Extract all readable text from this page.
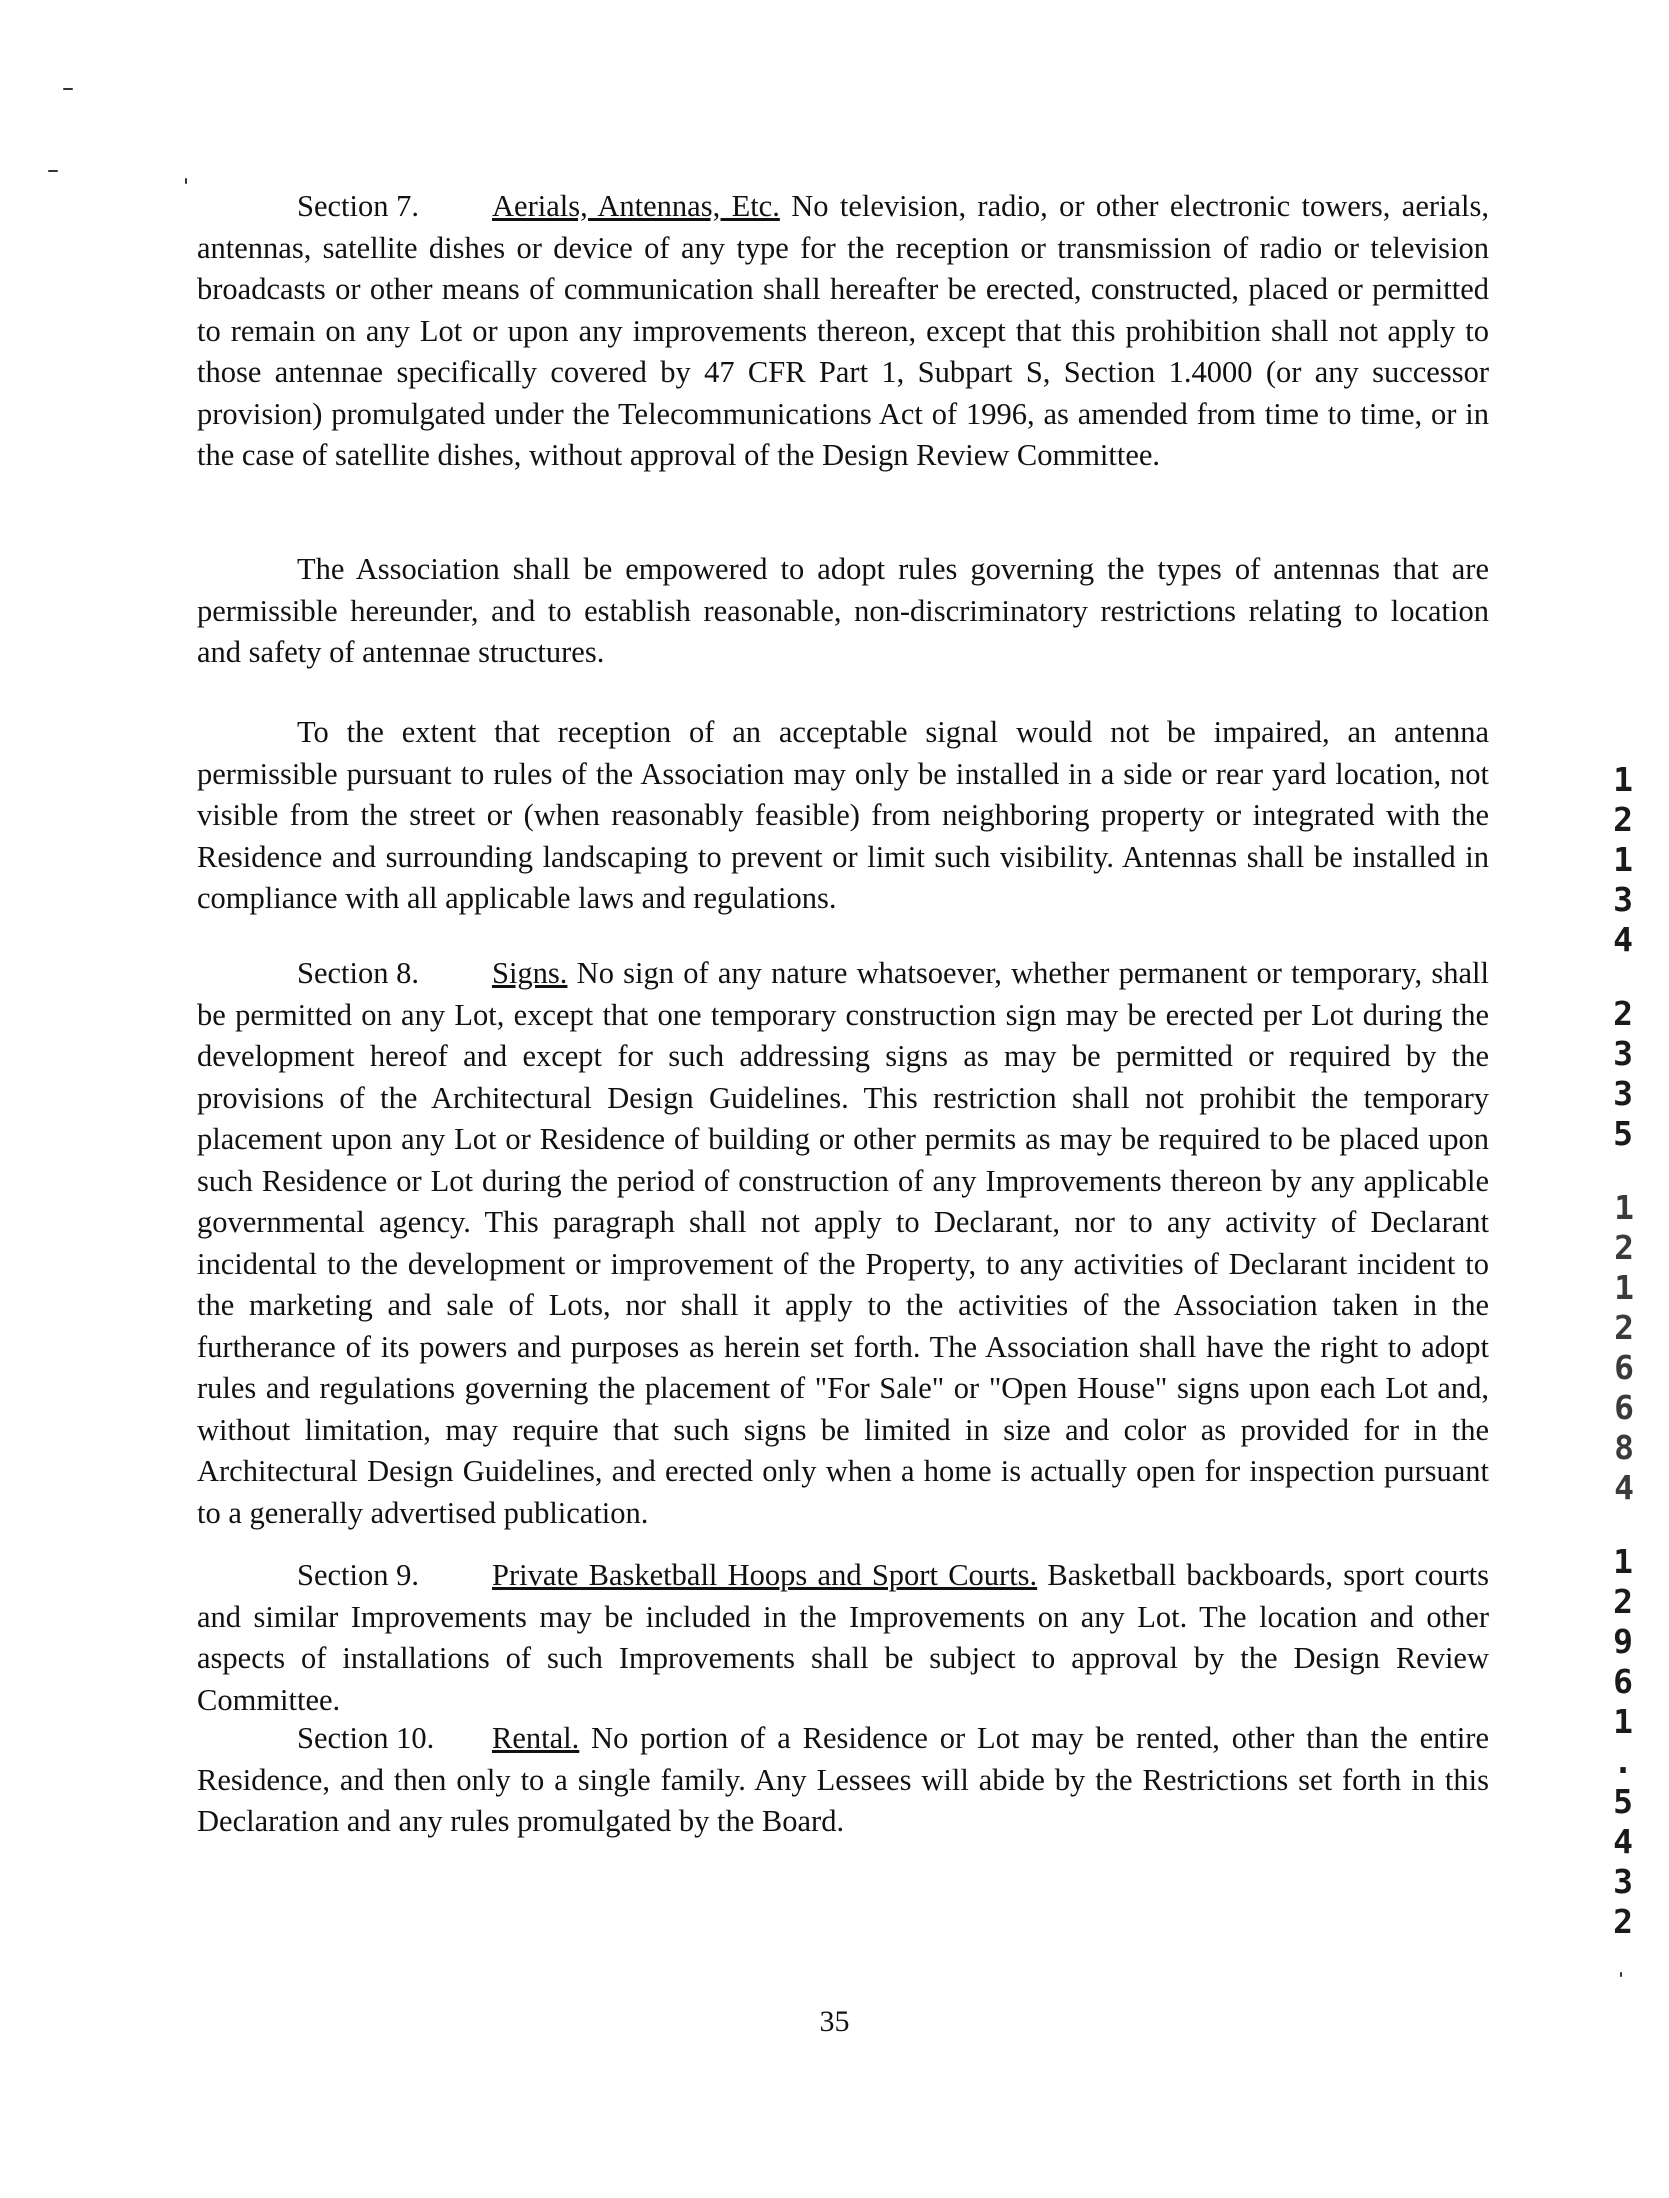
Section 7. Aerials, Antennas, Etc. No television, radio, or other electronic towers, aerials, antennas, satellite dishes or device of any type for the reception or transmission of radio or television broadcasts or other means of communication shall hereafter be erected, constructed, placed or permitted to remain on any Lot or upon any improvements thereon, except that this prohibition shall not apply to those antennae specifically covered by 47 CFR Part 1, Subpart S, Section 1.4000 (or any successor provision) promulgated under the Telecommunications Act of 1996, as amended from time to time, or in the case of satellite dishes, without approval of the Design Review Committee.

The Association shall be empowered to adopt rules governing the types of antennas that are permissible hereunder, and to establish reasonable, non-discriminatory restrictions relating to location and safety of antennae structures.

To the extent that reception of an acceptable signal would not be impaired, an antenna permissible pursuant to rules of the Association may only be installed in a side or rear yard location, not visible from the street or (when reasonably feasible) from neighboring property or integrated with the Residence and surrounding landscaping to prevent or limit such visibility. Antennas shall be installed in compliance with all applicable laws and regulations.

Section 8. Signs. No sign of any nature whatsoever, whether permanent or temporary, shall be permitted on any Lot, except that one temporary construction sign may be erected per Lot during the development hereof and except for such addressing signs as may be permitted or required by the provisions of the Architectural Design Guidelines. This restriction shall not prohibit the temporary placement upon any Lot or Residence of building or other permits as may be required to be placed upon such Residence or Lot during the period of construction of any Improvements thereon by any applicable governmental agency. This paragraph shall not apply to Declarant, nor to any activity of Declarant incidental to the development or improvement of the Property, to any activities of Declarant incident to the marketing and sale of Lots, nor shall it apply to the activities of the Association taken in the furtherance of its powers and purposes as herein set forth. The Association shall have the right to adopt rules and regulations governing the placement of "For Sale" or "Open House" signs upon each Lot and, without limitation, may require that such signs be limited in size and color as provided for in the Architectural Design Guidelines, and erected only when a home is actually open for inspection pursuant to a generally advertised publication.

Section 9. Private Basketball Hoops and Sport Courts. Basketball backboards, sport courts and similar Improvements may be included in the Improvements on any Lot. The location and other aspects of installations of such Improvements shall be subject to approval by the Design Review Committee.

Section 10. Rental. No portion of a Residence or Lot may be rented, other than the entire Residence, and then only to a single family. Any Lessees will abide by the Restrictions set forth in this Declaration and any rules promulgated by the Board.

35
1
2
1
3
4
2
3
3
5
1
2
1
2
6
6
8
4
1
2
9
6
1
.
5
4
3
2
